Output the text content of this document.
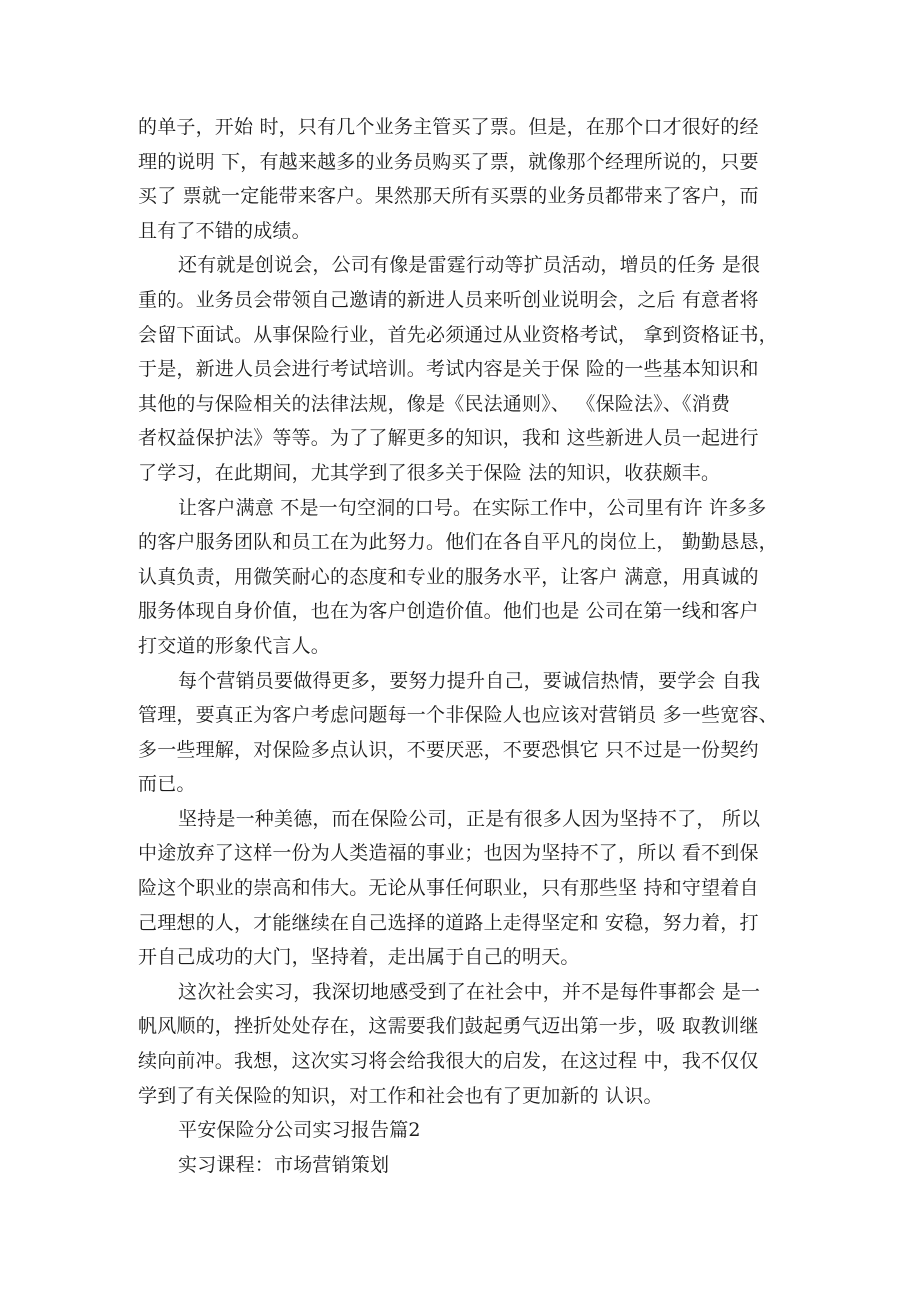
的单子，开始 时，只有几个业务主管买了票。但是，在那个口才很好的经
理的说明 下，有越来越多的业务员购买了票，就像那个经理所说的，只要
买了 票就一定能带来客户。果然那天所有买票的业务员都带来了客户，而
且有了不错的成绩。
还有就是创说会，公司有像是雷霆行动等扩员活动，增员的任务 是很
重的。业务员会带领自己邀请的新进人员来听创业说明会，之后 有意者将
会留下面试。从事保险行业，首先必须通过从业资格考试， 拿到资格证书，
于是，新进人员会进行考试培训。考试内容是关于保 险的一些基本知识和
其他的与保险相关的法律法规，像是《民法通则》、 《保险法》、《消费
者权益保护法》等等。为了了解更多的知识，我和 这些新进人员一起进行
了学习，在此期间，尤其学到了很多关于保险 法的知识，收获颇丰。
让客户满意 不是一句空洞的口号。在实际工作中，公司里有许 许多多
的客户服务团队和员工在为此努力。他们在各自平凡的岗位上， 勤勤恳恳，
认真负责，用微笑耐心的态度和专业的服务水平，让客户 满意，用真诚的
服务体现自身价值，也在为客户创造价值。他们也是 公司在第一线和客户
打交道的形象代言人。
每个营销员要做得更多，要努力提升自己，要诚信热情，要学会 自我
管理，要真正为客户考虑问题每一个非保险人也应该对营销员 多一些宽容、
多一些理解，对保险多点认识，不要厌恶，不要恐惧它 只不过是一份契约
而已。
坚持是一种美德，而在保险公司，正是有很多人因为坚持不了， 所以
中途放弃了这样一份为人类造福的事业；也因为坚持不了，所以 看不到保
险这个职业的崇高和伟大。无论从事任何职业，只有那些坚 持和守望着自
己理想的人，才能继续在自己选择的道路上走得坚定和 安稳，努力着，打
开自己成功的大门，坚持着，走出属于自己的明天。
这次社会实习，我深切地感受到了在社会中，并不是每件事都会 是一
帆风顺的，挫折处处存在，这需要我们鼓起勇气迈出第一步，吸 取教训继
续向前冲。我想，这次实习将会给我很大的启发，在这过程 中，我不仅仅
学到了有关保险的知识，对工作和社会也有了更加新的 认识。
平安保险分公司实习报告篇2
实习课程：市场营销策划
